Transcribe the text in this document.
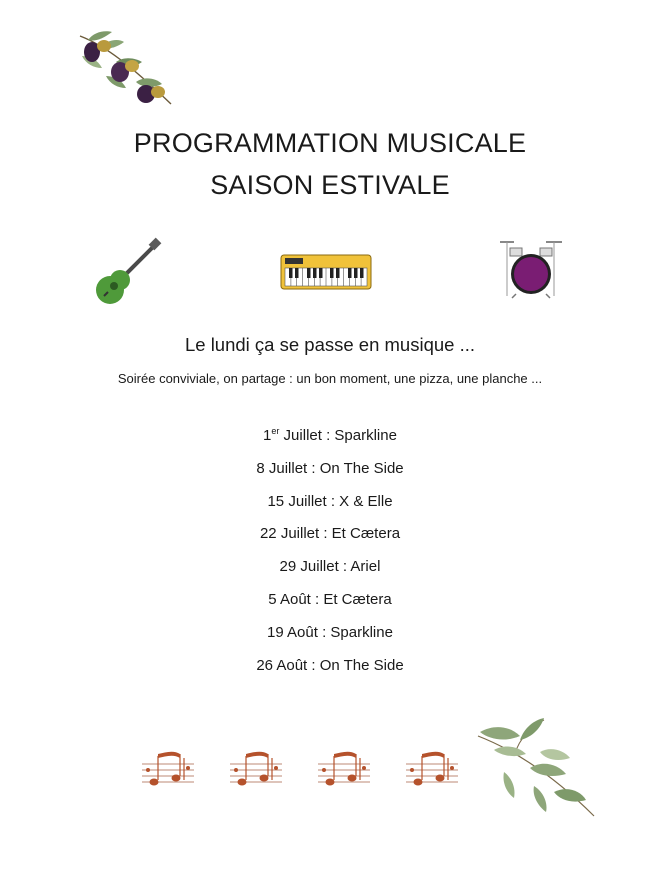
PROGRAMMATION MUSICALE
SAISON ESTIVALE
Le lundi ça se passe en musique ...
Soirée conviviale, on partage : un bon moment, une pizza, une planche ...
1er Juillet : Sparkline
8 Juillet : On The Side
15 Juillet : X & Elle
22 Juillet : Et Cætera
29 Juillet : Ariel
5 Août : Et Cætera
19 Août : Sparkline
26 Août : On The Side
